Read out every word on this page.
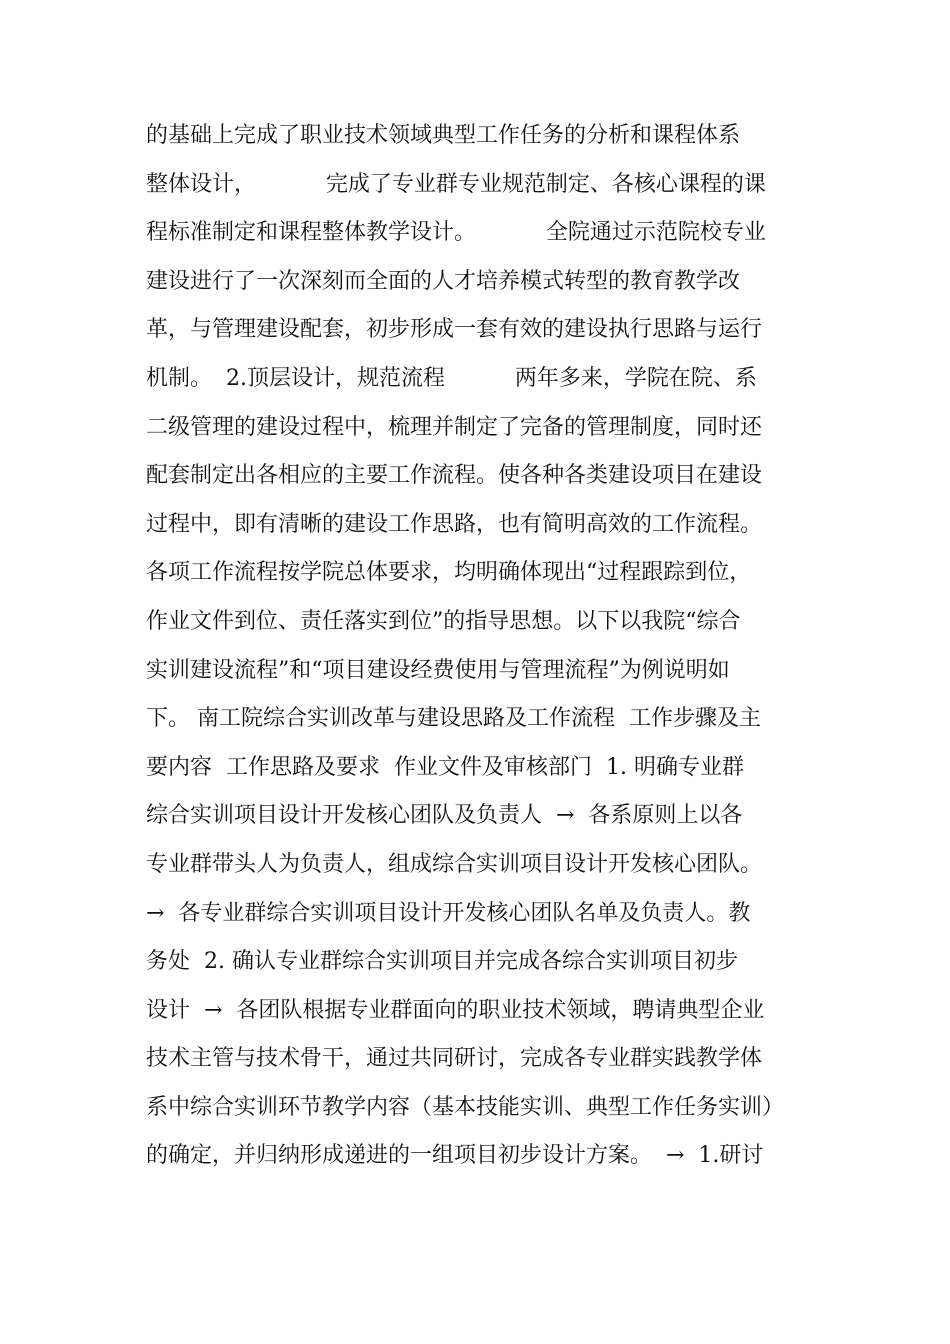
的基础上完成了职业技术领域典型工作任务的分析和课程体系
整体设计，          完成了专业群专业规范制定、各核心课程的课
程标准制定和课程整体教学设计。          全院通过示范院校专业
建设进行了一次深刻而全面的人才培养模式转型的教育教学改
革，与管理建设配套，初步形成一套有效的建设执行思路与运行
机制。  2.顶层设计，规范流程          两年多来，学院在院、系
二级管理的建设过程中，梳理并制定了完备的管理制度，同时还
配套制定出各相应的主要工作流程。使各种各类建设项目在建设
过程中，即有清晰的建设工作思路，也有简明高效的工作流程。
各项工作流程按学院总体要求，均明确体现出“过程跟踪到位，
作业文件到位、责任落实到位”的指导思想。以下以我院“综合
实训建设流程”和“项目建设经费使用与管理流程”为例说明如
下。 南工院综合实训改革与建设思路及工作流程  工作步骤及主
要内容  工作思路及要求  作业文件及审核部门  1. 明确专业群
综合实训项目设计开发核心团队及负责人  →  各系原则上以各
专业群带头人为负责人，组成综合实训项目设计开发核心团队。
→  各专业群综合实训项目设计开发核心团队名单及负责人。教
务处  2. 确认专业群综合实训项目并完成各综合实训项目初步
设计  →  各团队根据专业群面向的职业技术领域，聘请典型企业
技术主管与技术骨干，通过共同研讨，完成各专业群实践教学体
系中综合实训环节教学内容（基本技能实训、典型工作任务实训）
的确定，并归纳形成递进的一组项目初步设计方案。  →  1.研讨
